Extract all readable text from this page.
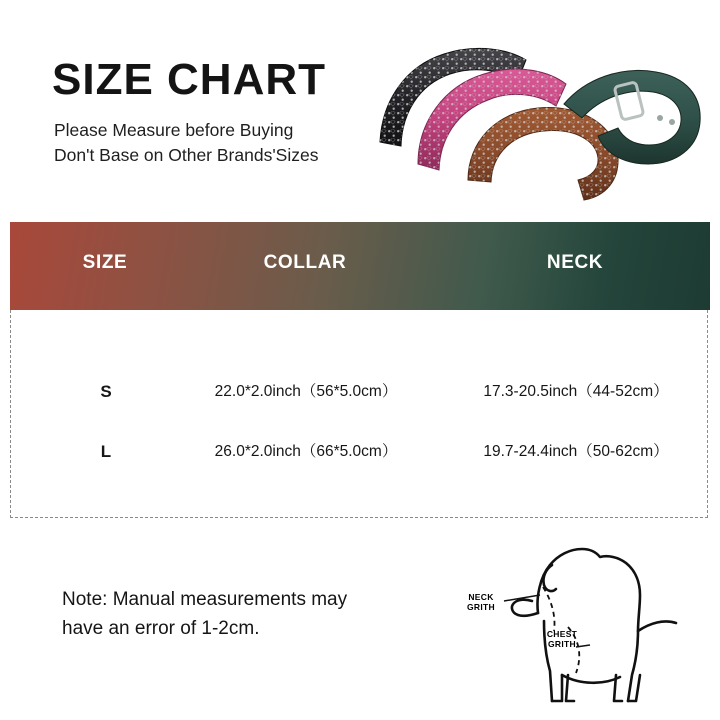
SIZE CHART
Please Measure before Buying
Don't Base on Other Brands'Sizes
SIZE	COLLAR	NECK
S	22.0*2.0inch（56*5.0cm）	17.3-20.5inch（44-52cm）
L	26.0*2.0inch（66*5.0cm）	19.7-24.4inch（50-62cm）
Note: Manual measurements may
have an error of 1-2cm.
NECK
GRITH
CHEST
GRITH
